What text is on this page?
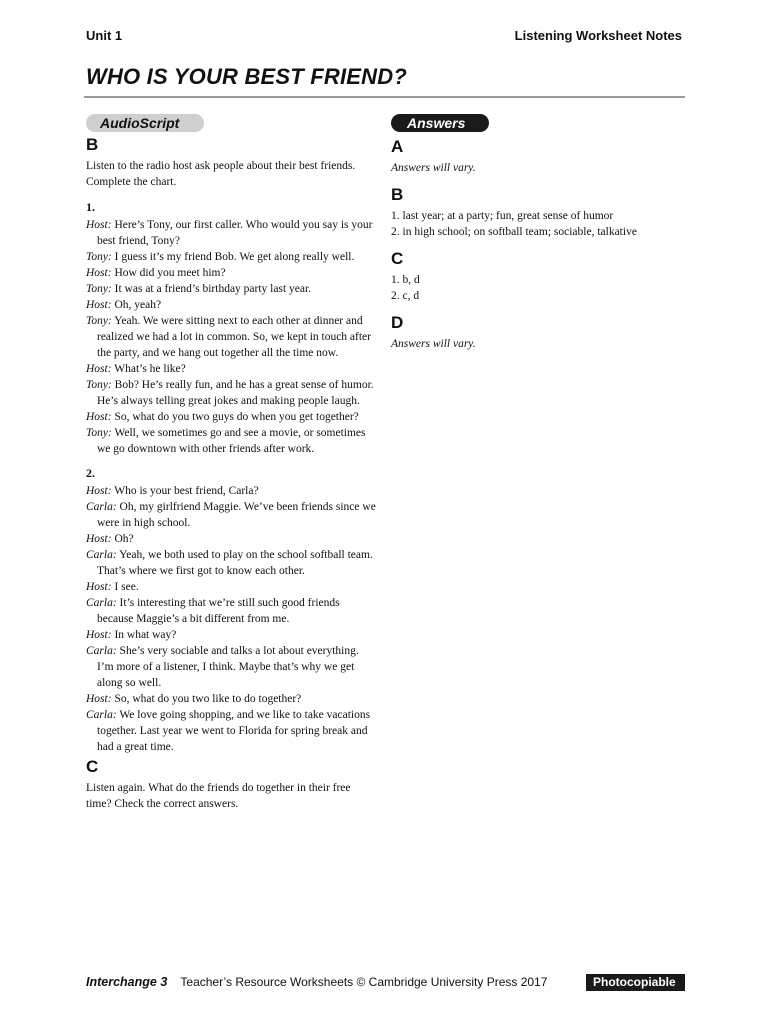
Unit 1	Listening Worksheet Notes
WHO IS YOUR BEST FRIEND?
AudioScript
B

Listen to the radio host ask people about their best friends. Complete the chart.

1.

Host: Here’s Tony, our first caller. Who would you say is your best friend, Tony?

Tony: I guess it’s my friend Bob. We get along really well.

Host: How did you meet him?

Tony: It was at a friend’s birthday party last year.

Host: Oh, yeah?

Tony: Yeah. We were sitting next to each other at dinner and realized we had a lot in common. So, we kept in touch after the party, and we hang out together all the time now.

Host: What’s he like?

Tony: Bob? He’s really fun, and he has a great sense of humor. He’s always telling great jokes and making people laugh.

Host: So, what do you two guys do when you get together?

Tony: Well, we sometimes go and see a movie, or sometimes we go downtown with other friends after work.

2.

Host: Who is your best friend, Carla?

Carla: Oh, my girlfriend Maggie. We’ve been friends since we were in high school.

Host: Oh?

Carla: Yeah, we both used to play on the school softball team. That’s where we first got to know each other.

Host: I see.

Carla: It’s interesting that we’re still such good friends because Maggie’s a bit different from me.

Host: In what way?

Carla: She’s very sociable and talks a lot about everything. I’m more of a listener, I think. Maybe that’s why we get along so well.

Host: So, what do you two like to do together?

Carla: We love going shopping, and we like to take vacations together. Last year we went to Florida for spring break and had a great time.

C

Listen again. What do the friends do together in their free time? Check the correct answers.

Answers
A

Answers will vary.

B

1. last year; at a party; fun, great sense of humor

2. in high school; on softball team; sociable, talkative

C

1. b, d

2. c, d

D

Answers will vary.

Interchange 3 Teacher’s Resource Worksheets © Cambridge University Press 2017	Photocopiable
